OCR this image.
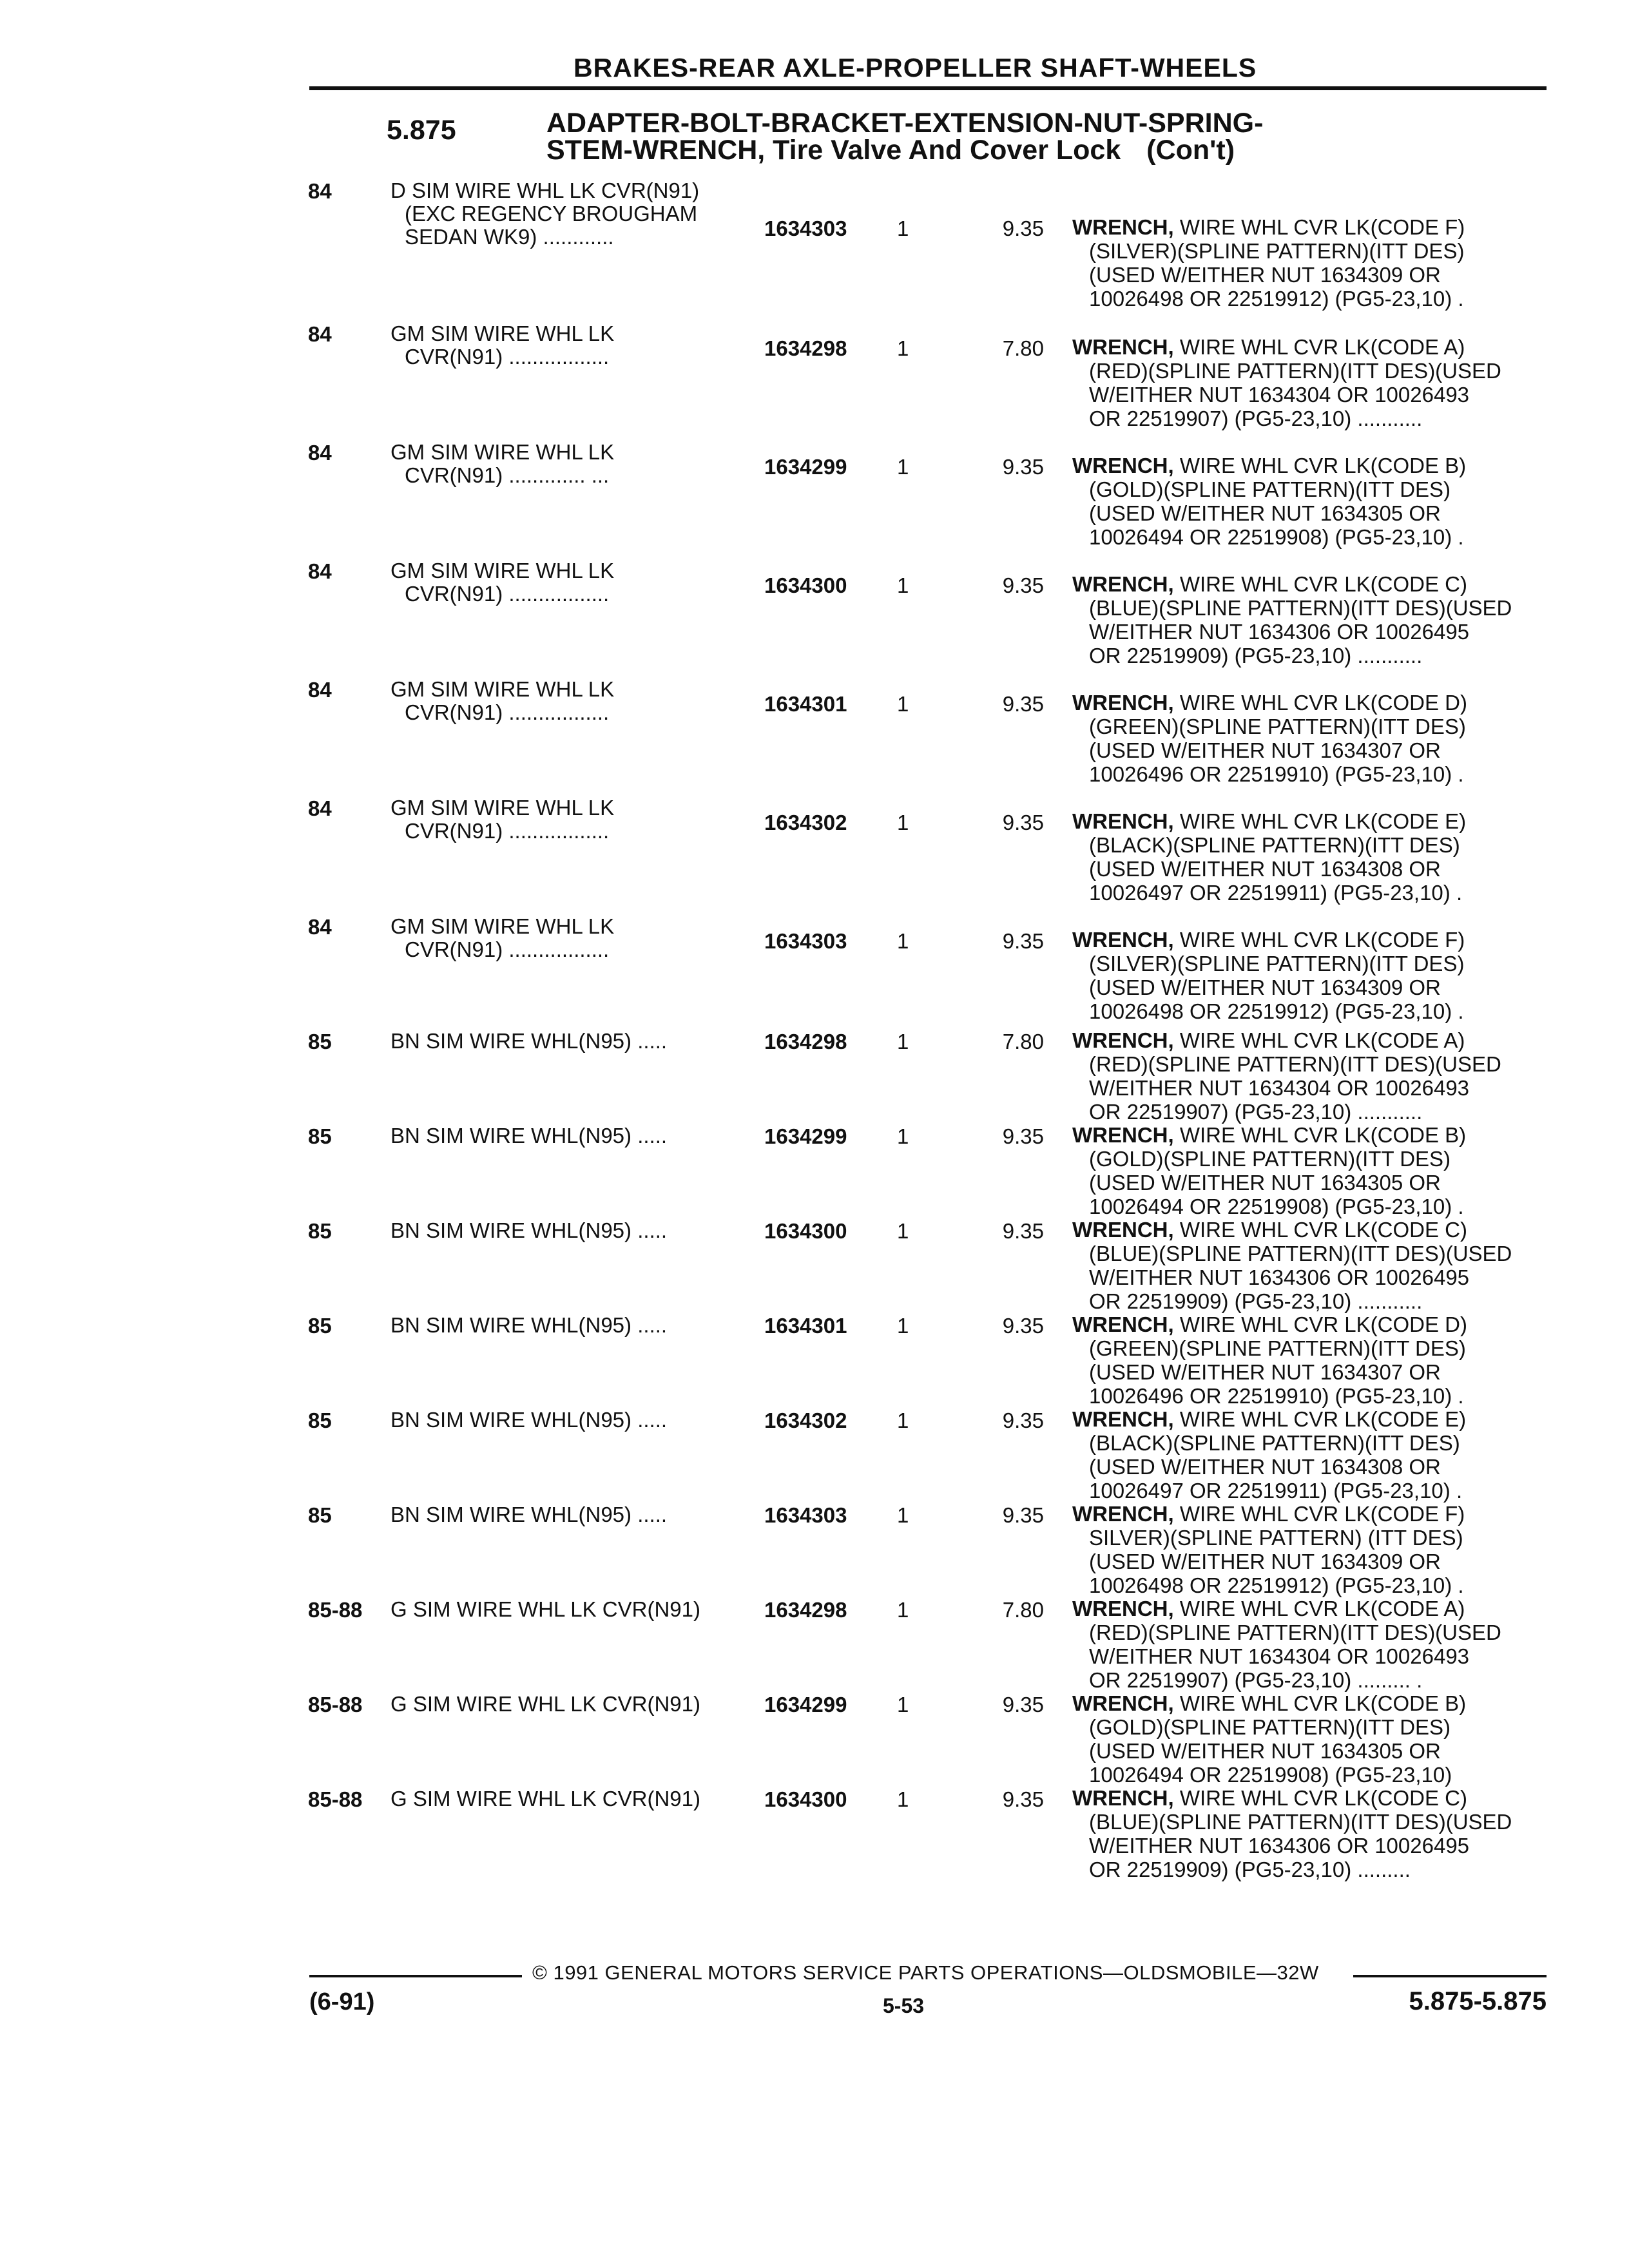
BRAKES-REAR AXLE-PROPELLER SHAFT-WHEELS
5.875	ADAPTER-BOLT-BRACKET-EXTENSION-NUT-SPRING-
STEM-WRENCH, Tire Valve And Cover Lock (Con't)
84	D SIM WIRE WHL LK CVR(N91)
(EXC REGENCY BROUGHAM
SEDAN WK9) ............	1634303 1	9.35 WRENCH, WIRE WHL CVR LK(CODE F)
(SILVER)(SPLINE PATTERN)(ITT DES)
(USED W/EITHER NUT 1634309 OR
10026498 OR 22519912) (PG5-23,10) .
84	GM SIM WIRE WHL LK
CVR(N91) .................	1634298 1	7.80 WRENCH, WIRE WHL CVR LK(CODE A)
(RED)(SPLINE PATTERN)(ITT DES)(USED
W/EITHER NUT 1634304 OR 10026493
OR 22519907) (PG5-23,10) ...........
84	GM SIM WIRE WHL LK
CVR(N91) ............. ...	1634299 1	9.35 WRENCH, WIRE WHL CVR LK(CODE B)
(GOLD)(SPLINE PATTERN)(ITT DES)
(USED W/EITHER NUT 1634305 OR
10026494 OR 22519908) (PG5-23,10) .
84	GM SIM WIRE WHL LK
CVR(N91) .................	1634300 1	9.35 WRENCH, WIRE WHL CVR LK(CODE C)
(BLUE)(SPLINE PATTERN)(ITT DES)(USED
W/EITHER NUT 1634306 OR 10026495
OR 22519909) (PG5-23,10) ...........
84	GM SIM WIRE WHL LK
CVR(N91) .................	1634301 1	9.35 WRENCH, WIRE WHL CVR LK(CODE D)
(GREEN)(SPLINE PATTERN)(ITT DES)
(USED W/EITHER NUT 1634307 OR
10026496 OR 22519910) (PG5-23,10) .
84	GM SIM WIRE WHL LK
CVR(N91) .................	1634302 1	9.35 WRENCH, WIRE WHL CVR LK(CODE E)
(BLACK)(SPLINE PATTERN)(ITT DES)
(USED W/EITHER NUT 1634308 OR
10026497 OR 22519911) (PG5-23,10) .
84	GM SIM WIRE WHL LK
CVR(N91) .................	1634303 1	9.35 WRENCH, WIRE WHL CVR LK(CODE F)
(SILVER)(SPLINE PATTERN)(ITT DES)
(USED W/EITHER NUT 1634309 OR
10026498 OR 22519912) (PG5-23,10) .
85	BN SIM WIRE WHL(N95) .....	1634298 1	7.80 WRENCH, WIRE WHL CVR LK(CODE A)
(RED)(SPLINE PATTERN)(ITT DES)(USED
W/EITHER NUT 1634304 OR 10026493
OR 22519907) (PG5-23,10) ...........
85	BN SIM WIRE WHL(N95) .....	1634299 1	9.35 WRENCH, WIRE WHL CVR LK(CODE B)
(GOLD)(SPLINE PATTERN)(ITT DES)
(USED W/EITHER NUT 1634305 OR
10026494 OR 22519908) (PG5-23,10) .
85	BN SIM WIRE WHL(N95) .....	1634300 1	9.35 WRENCH, WIRE WHL CVR LK(CODE C)
(BLUE)(SPLINE PATTERN)(ITT DES)(USED
W/EITHER NUT 1634306 OR 10026495
OR 22519909) (PG5-23,10) ...........
85	BN SIM WIRE WHL(N95) .....	1634301 1	9.35 WRENCH, WIRE WHL CVR LK(CODE D)
(GREEN)(SPLINE PATTERN)(ITT DES)
(USED W/EITHER NUT 1634307 OR
10026496 OR 22519910) (PG5-23,10) .
85	BN SIM WIRE WHL(N95) .....	1634302 1	9.35 WRENCH, WIRE WHL CVR LK(CODE E)
(BLACK)(SPLINE PATTERN)(ITT DES)
(USED W/EITHER NUT 1634308 OR
10026497 OR 22519911) (PG5-23,10) .
85	BN SIM WIRE WHL(N95) .....	1634303 1	9.35 WRENCH, WIRE WHL CVR LK(CODE F)
SILVER)(SPLINE PATTERN) (ITT DES)
(USED W/EITHER NUT 1634309 OR
10026498 OR 22519912) (PG5-23,10) .
85-88 G SIM WIRE WHL LK CVR(N91)	1634298 1	7.80 WRENCH, WIRE WHL CVR LK(CODE A)
(RED)(SPLINE PATTERN)(ITT DES)(USED
W/EITHER NUT 1634304 OR 10026493
OR 22519907) (PG5-23,10) ......... .
85-88 G SIM WIRE WHL LK CVR(N91)	1634299 1	9.35 WRENCH, WIRE WHL CVR LK(CODE B)
(GOLD)(SPLINE PATTERN)(ITT DES)
(USED W/EITHER NUT 1634305 OR
10026494 OR 22519908) (PG5-23,10)
85-88 G SIM WIRE WHL LK CVR(N91)	1634300 1	9.35 WRENCH, WIRE WHL CVR LK(CODE C)
(BLUE)(SPLINE PATTERN)(ITT DES)(USED
W/EITHER NUT 1634306 OR 10026495
OR 22519909) (PG5-23,10) .........
© 1991 GENERAL MOTORS SERVICE PARTS OPERATIONS—OLDSMOBILE—32W
(6-91)	5-53	5.875-5.875
